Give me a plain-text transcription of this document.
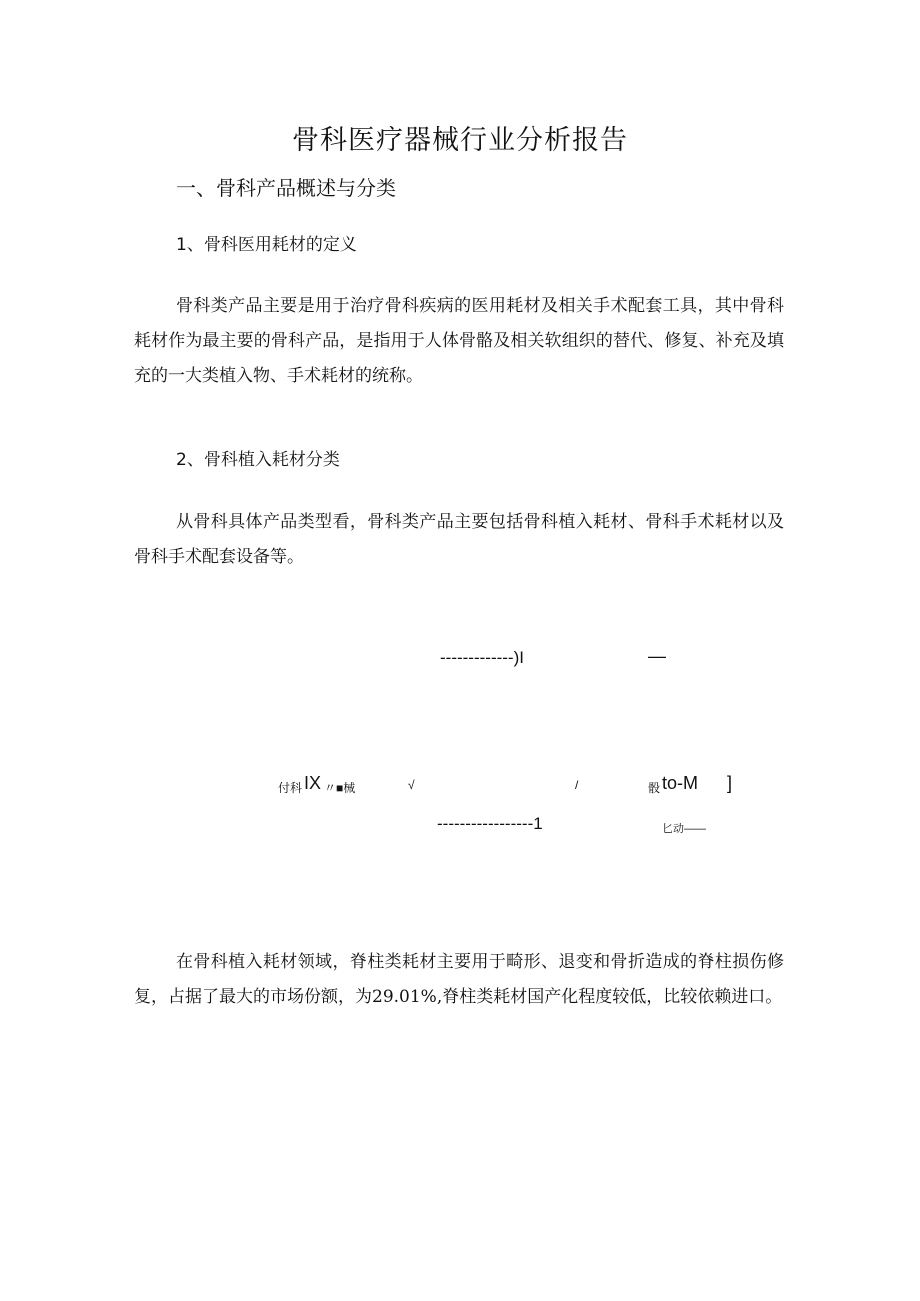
骨科医疗器械行业分析报告
一、骨科产品概述与分类
1、骨科医用耗材的定义
骨科类产品主要是用于治疗骨科疾病的医用耗材及相关手术配套工具，其中骨科耗材作为最主要的骨科产品，是指用于人体骨骼及相关软组织的替代、修复、补充及填充的一大类植入物、手术耗材的统称。
2、骨科植入耗材分类
从骨科具体产品类型看，骨科类产品主要包括骨科植入耗材、骨科手术耗材以及骨科手术配套设备等。
-------------)I	—
付科 IX 〃■械	√	/	骰 to-M ]
-----------------1	匕动——
在骨科植入耗材领域，脊柱类耗材主要用于畸形、退变和骨折造成的脊柱损伤修复，占据了最大的市场份额，为29.01%,脊柱类耗材国产化程度较低，比较依赖进口。
